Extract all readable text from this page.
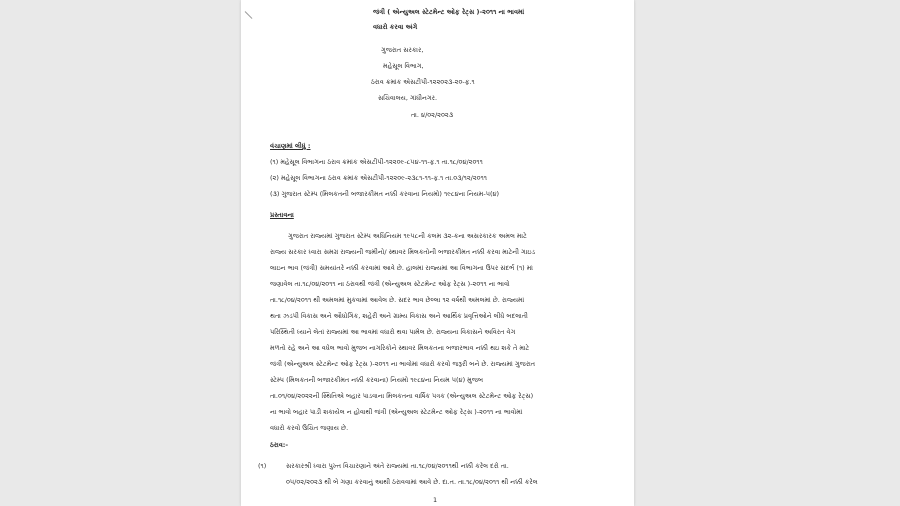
જંત્રી ( એન્યુઅલ સ્ટેટમેન્ટ ઓફ રેટ્સ )-૨૦૧૧ ના ભાવમાં
વધારો કરવા અંગે
ગુજરાત સરકાર,
મહેસૂલ વિભાગ,
ઠરાવ ક્રમાંક એસટીપી-૧૨૨૦૨૩-૨૦-ફ.૧
સચિવાલય, ગાંધીનગર.
તા. ૪/૦૨/૨૦૨૩
વંચાણમાં લીધું :
(૧) મહેસૂલ વિભાગના ઠરાવ ક્રમાંક એસટીપી-૧૨૨૦૯-૮૫૪-૧૧-ફ.૧ તા.૧૮/૦૪/૨૦૧૧
(૨) મહેસૂલ વિભાગના ઠરાવ ક્રમાંક એસટીપી-૧૨૨૦૯-૨૩૮૧-૧૧-ફ.૧ તા.૦૩/૧૨/૨૦૧૧
(૩) ગુજરાત સ્ટેમ્પ (મિલકતની બજારકીમત નક્કી કરવાના નિયમો) ૧૯૮૪ના નિયમ-૫(૪)
પ્રસ્તાવના
ગુજરાત રાજ્યમાં ગુજરાત સ્ટેમ્પ અધિનિયમ ૧૯૫૮ની કલમ ૩૨-કના અસરકારક અમલ માટે
રાજ્ય સરકાર ધ્વારા સમગ્ર રાજ્યની જમીનો/ સ્થાવર મિલકતોની બજારકીમત નક્કી કરવા માટેની ગાઇડ
લાઇન ભાવ (જંત્રી) સમયાંતરે નક્કી કરવામાં આવે છે. હાલમાં રાજ્યમાં આ વિભાગના ઉપર સંદર્ભ (૧) માં
જણાવેલ તા.૧૮/૦૪/૨૦૧૧ ના ઠરાવથી જંત્રી (એન્યુઅલ સ્ટેટમેન્ટ ઓફ રેટ્સ )-૨૦૧૧ ના ભાવો
તા.૧૮/૦૪/૨૦૧૧ થી અમલમાં મુકવામાં આવેલ છે. સદર ભાવ છેલ્લા ૧૨ વર્ષથી અમલમાં છે. રાજ્યમાં
થતા ઝડપી વિકાસ અને ઔધોગિક, શહેરી અને ગ્રામ્ય વિકાસ અને આર્થિક પ્રવૃત્તિઓને લીધે બદલાતી
પરિસ્થિતી ધ્યાને લેતાં રાજ્યમાં આ ભાવમાં વધારો થવા પામેલ છે. રાજ્યના વિકાસને અવિરત વેગ
મળતો રહે અને આ વધેલ ભાવો મુજબ નાગરિકોને સ્થાવર મિલકતના બજારભાવ નક્કી થઇ શકે તે માટે
જંત્રી (એન્યુઅલ સ્ટેટમેન્ટ ઓફ રેટ્સ )-૨૦૧૧ ના ભાવોમાં વધારો કરવો જરૂરી બને છે. રાજ્યમાં ગુજરાત
સ્ટેમ્પ (મિલકતની બજારકીમત નક્કી કરવાના) નિયમો ૧૯૮૪ના નિયમ ૫(૪) મુજબ
તા.૦૧/૦૪/૨૦૨૨ની સ્થિતિએ બહાર પાડવાના મિલકતના વાર્ષિક પત્રક (એન્યુઅલ સ્ટેટમેન્ટ ઓફ રેટ્સ)
ના ભાવો બહાર પાડી શકાયેલ ન હોવાથી જંત્રી (એન્યુઅલ સ્ટેટમેન્ટ ઓફ રેટ્સ )-૨૦૧૧ ના ભાવોમાં
વધારો કરવો ઉચિત જણાય છે.
ઠરાવ:-
(૧)	સરકારશ્રી ધ્વારા પુખ્ત વિચારણાને અંતે રાજ્યમાં તા.૧૮/૦૪/૨૦૧૧થી નક્કી કરેલ દરો તા.
૦૫/૦૨/૨૦૨૩ થી બે ગણા કરવાનું આથી ઠરાવવામાં આવે છે. દા.ત. તા.૧૮/૦૪/૨૦૧૧ થી નક્કી કરેલ
1
